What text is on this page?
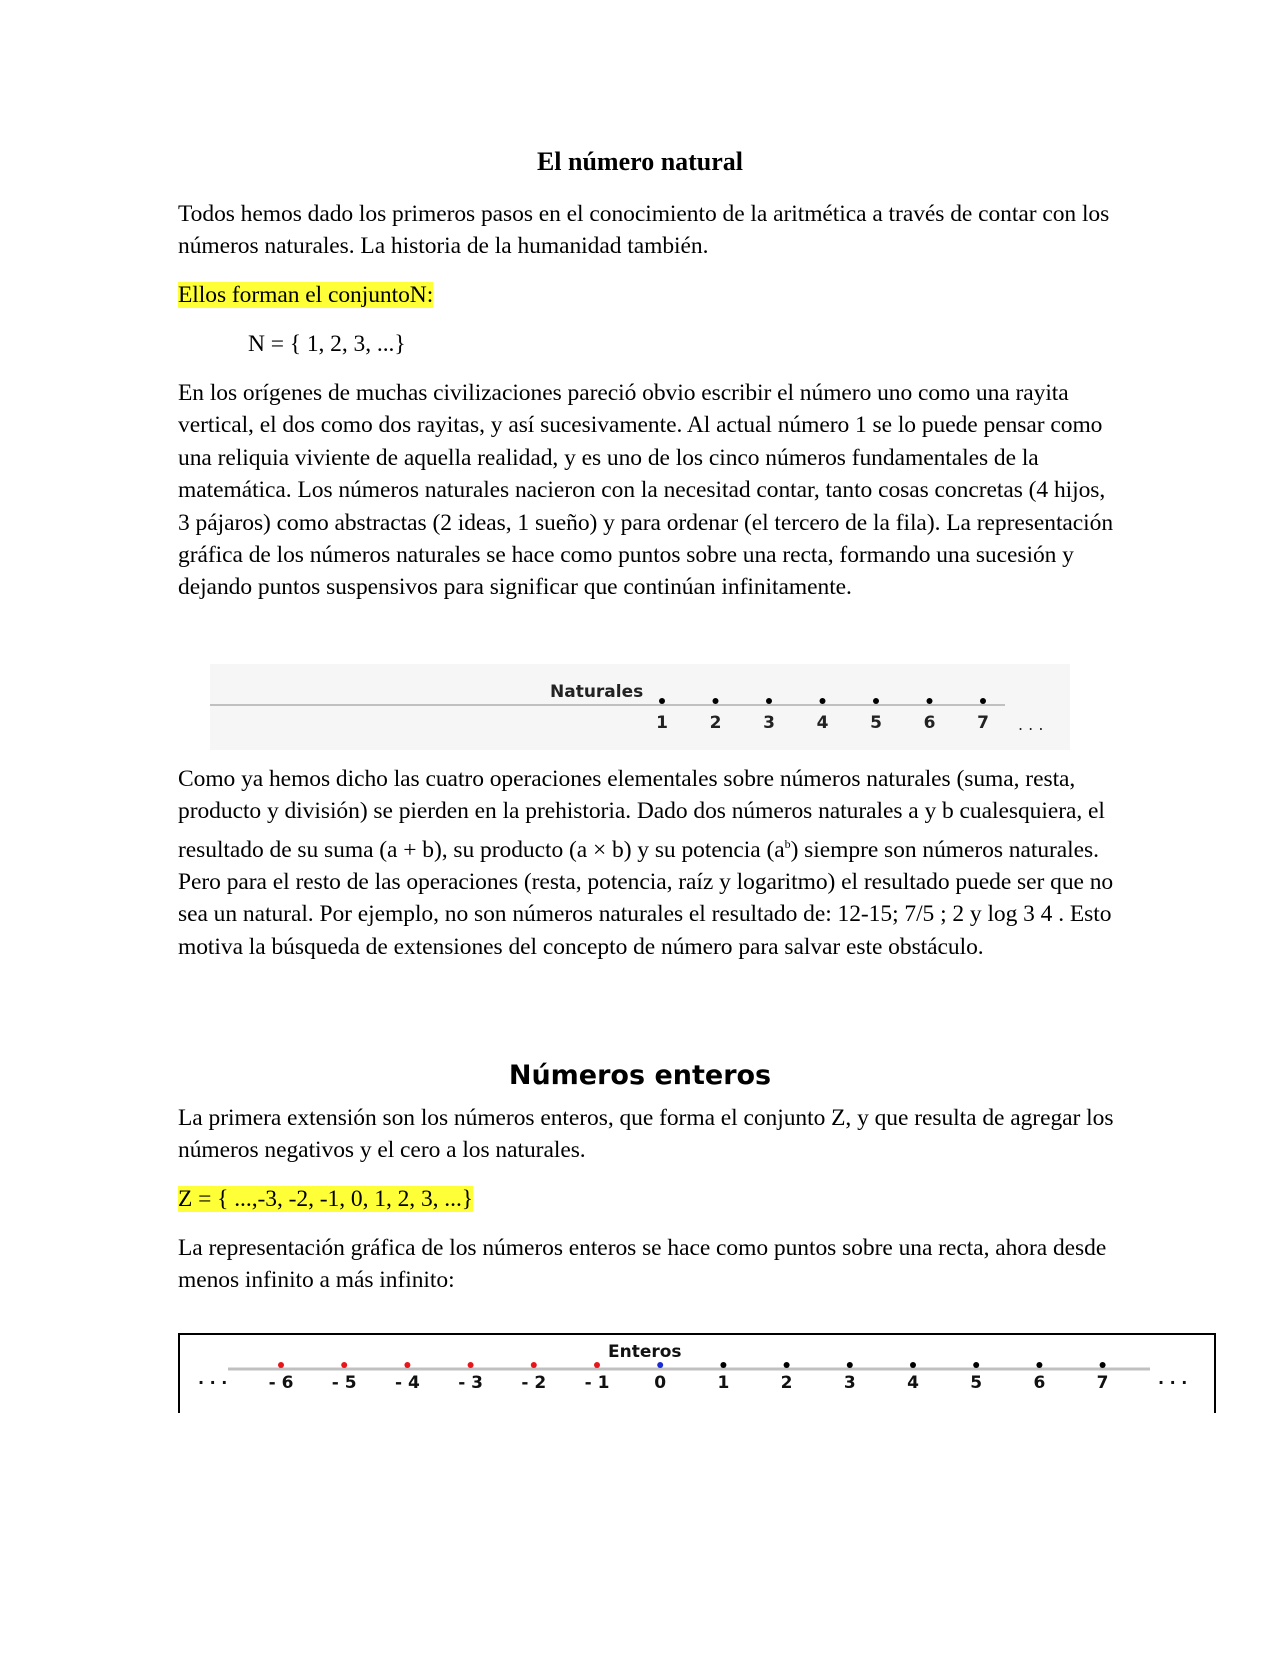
El número natural

Todos hemos dado los primeros pasos en el conocimiento de la aritmética a través de contar con los números naturales. La historia de la humanidad también.

Ellos forman el conjuntoN:

N = { 1, 2, 3, ...}

En los orígenes de muchas civilizaciones pareció obvio escribir el número uno como una rayita vertical, el dos como dos rayitas, y así sucesivamente. Al actual número 1 se lo puede pensar como una reliquia viviente de aquella realidad, y es uno de los cinco números fundamentales de la matemática. Los números naturales nacieron con la necesitad contar, tanto cosas concretas (4 hijos, 3 pájaros) como abstractas (2 ideas, 1 sueño) y para ordenar (el tercero de la fila). La representación gráfica de los números naturales se hace como puntos sobre una recta, formando una sucesión y dejando puntos suspensivos para significar que continúan infinitamente.

Naturales
1 2 3 4 5 6 7 . . .

Como ya hemos dicho las cuatro operaciones elementales sobre números naturales (suma, resta, producto y división) se pierden en la prehistoria. Dado dos números naturales a y b cualesquiera, el resultado de su suma (a + b), su producto (a × b) y su potencia $(a^b)$ siempre son números naturales. Pero para el resto de las operaciones (resta, potencia, raíz y logaritmo) el resultado puede ser que no sea un natural. Por ejemplo, no son números naturales el resultado de: 12-15; 7/5 ; 2 y log 3 4 . Esto motiva la búsqueda de extensiones del concepto de número para salvar este obstáculo.

Números enteros

La primera extensión son los números enteros, que forma el conjunto Z, y que resulta de agregar los números negativos y el cero a los naturales.

Z = { ...,-3, -2, -1, 0, 1, 2, 3, ...}

La representación gráfica de los números enteros se hace como puntos sobre una recta, ahora desde menos infinito a más infinito:

Enteros
· · · - 6 - 5 - 4 - 3 - 2 - 1	0	1	2	3	4	5	6	7	· · ·
